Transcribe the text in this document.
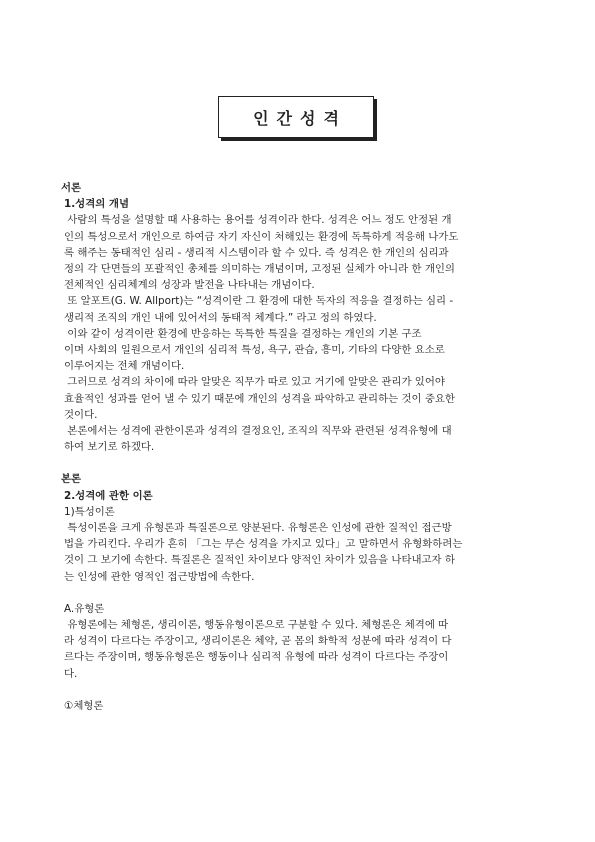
인간성격

서론

1.성격의 개념

사람의 특성을 설명할 때 사용하는 용어를 성격이라 한다. 성격은 어느 정도 안정된 개

인의 특성으로서 개인으로 하여금 자기 자신이 처해있는 환경에 독특하게 적응해 나가도

록 해주는 동태적인 심리 - 생리적 시스템이라 할 수 있다. 즉 성격은 한 개인의 심리과

정의 각 단면들의 포괄적인 총체를 의미하는 개념이며, 고정된 실체가 아니라 한 개인의

전체적인 심리체계의 성장과 발전을 나타내는 개념이다.

또 알포트(G. W. Allport)는 “성격이란 그 환경에 대한 독자의 적응을 결정하는 심리 -

생리적 조직의 개인 내에 있어서의 동태적 체계다.” 라고 정의 하였다.

이와 같이 성격이란 환경에 반응하는 독특한 특질을 결정하는 개인의 기본 구조

이며 사회의 일원으로서 개인의 심리적 특성, 욕구, 관습, 흥미, 기타의 다양한 요소로

이루어지는 전체 개념이다.

그러므로 성격의 차이에 따라 알맞은 직무가 따로 있고 거기에 알맞은 관리가 있어야

효율적인 성과를 얻어 낼 수 있기 때문에 개인의 성격을 파악하고 관리하는 것이 중요한

것이다.

본론에서는 성격에 관한이론과 성격의 결정요인, 조직의 직무와 관련된 성격유형에 대

하여 보기로 하겠다.

본론

2.성격에 관한 이론

1)특성이론

특성이론을 크게 유형론과 특질론으로 양분된다. 유형론은 인성에 관한 질적인 접근방

법을 가리킨다. 우리가 흔히 「그는 무슨 성격을 가지고 있다」고 말하면서 유형화하려는

것이 그 보기에 속한다. 특질론은 질적인 차이보다 양적인 차이가 있음을 나타내고자 하

는 인성에 관한 영적인 접근방법에 속한다.

A.유형론

유형론에는 체형론, 생리이론, 행동유형이론으로 구분할 수 있다. 체형론은 체격에 따

라 성격이 다르다는 주장이고, 생리이론은 체약, 곧 몸의 화학적 성분에 따라 성격이 다

르다는 주장이며, 행동유형론은 행동이나 심리적 유형에 따라 성격이 다르다는 주장이

다.

①체형론
